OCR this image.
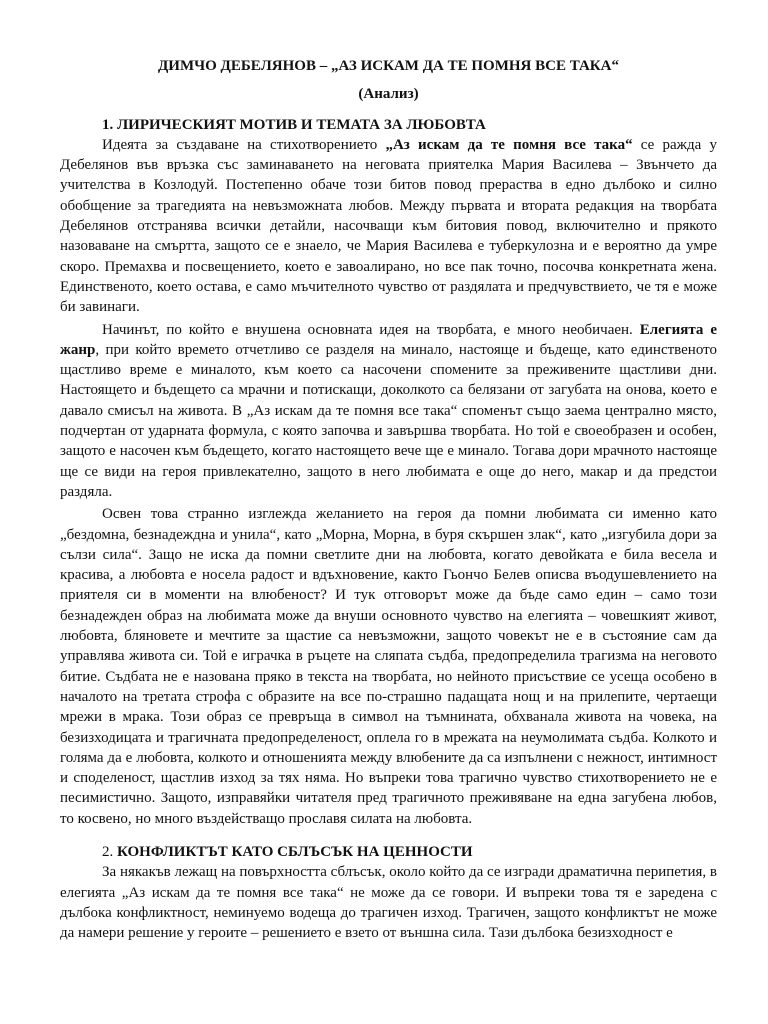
ДИМЧО ДЕБЕЛЯНОВ – „АЗ ИСКАМ ДА ТЕ ПОМНЯ ВСЕ ТАКА“

(Анализ)

1. ЛИРИЧЕСКИЯТ МОТИВ И ТЕМАТА ЗА ЛЮБОВТА

Идеята за създаване на стихотворението „Аз искам да те помня все така“ се ражда у Дебелянов във връзка със заминаването на неговата приятелка Мария Василева – Звънчето да учителства в Козлодуй. Постепенно обаче този битов повод прераства в едно дълбоко и силно обобщение за трагедията на невъзможната любов. Между първата и втората редакция на творбата Дебелянов отстранява всички детайли, насочващи към битовия повод, включително и прякото назоваване на смъртта, защото се е знаело, че Мария Василева е туберкулозна и е вероятно да умре скоро. Премахва и посвещението, което е завоалирано, но все пак точно, посочва конкретната жена. Единственото, което остава, е само мъчителното чувство от раздялата и предчувствието, че тя е може би завинаги.

Начинът, по който е внушена основната идея на творбата, е много необичаен. Елегията е жанр, при който времето отчетливо се разделя на минало, настояще и бъдеще, като единственото щастливо време е миналото, към което са насочени спомените за преживените щастливи дни. Настоящето и бъдещето са мрачни и потискащи, доколкото са белязани от загубата на онова, което е давало смисъл на живота. В „Аз искам да те помня все така“ споменът също заема централно място, подчертан от ударната формула, с която започва и завършва творбата. Но той е своеобразен и особен, защото е насочен към бъдещето, когато настоящето вече ще е минало. Тогава дори мрачното настояще ще се види на героя привлекателно, защото в него любимата е още до него, макар и да предстои раздяла.

Освен това странно изглежда желанието на героя да помни любимата си именно като „бездомна, безнадеждна и унила“, като „Морна, Морна, в буря скършен злак“, като „изгубила дори за сълзи сила“. Защо не иска да помни светлите дни на любовта, когато девойката е била весела и красива, а любовта е носела радост и вдъхновение, както Гьончо Белев описва въодушевлението на приятеля си в моменти на влюбеност? И тук отговорът може да бъде само един – само този безнадежден образ на любимата може да внуши основното чувство на елегията – човешкият живот, любовта, блянoвете и мечтите за щастие са невъзможни, защото човекът не е в състояние сам да управлява живота си. Той е играчка в ръцете на сляпата съдба, предопределила трагизма на неговото битие. Съдбата не е назована пряко в текста на творбата, но нейното присъствие се усеща особено в началото на третата строфа с образите на все по-страшно падащата нощ и на прилепите, чертаещи мрежи в мрака. Този образ се превръща в символ на тъмнината, обхванала живота на човека, на безизходицата и трагичната предопределеност, оплела го в мрежата на неумолимата съдба. Колкото и голяма да е любовта, колкото и отношенията между влюбените да са изпълнени с нежност, интимност и споделеност, щастлив изход за тях няма. Но въпреки това трагично чувство стихотворението не е песимистично. Защото, изправяйки читателя пред трагичното преживяване на една загубена любов, то косвено, но много въздействащо прославя силата на любовта.

2. КОНФЛИКТЪТ КАТО СБЛЪСЪК НА ЦЕННОСТИ

За някакъв лежащ на повърхността сблъсък, около който да се изгради драматична перипетия, в елегията „Аз искам да те помня все така“ не може да се говори. И въпреки това тя е заредена с дълбока конфликтност, неминуемо водеща до трагичен изход. Трагичен, защото конфликтът не може да намери решение у героите – решението е взето от външна сила. Тази дълбока безизходност е
